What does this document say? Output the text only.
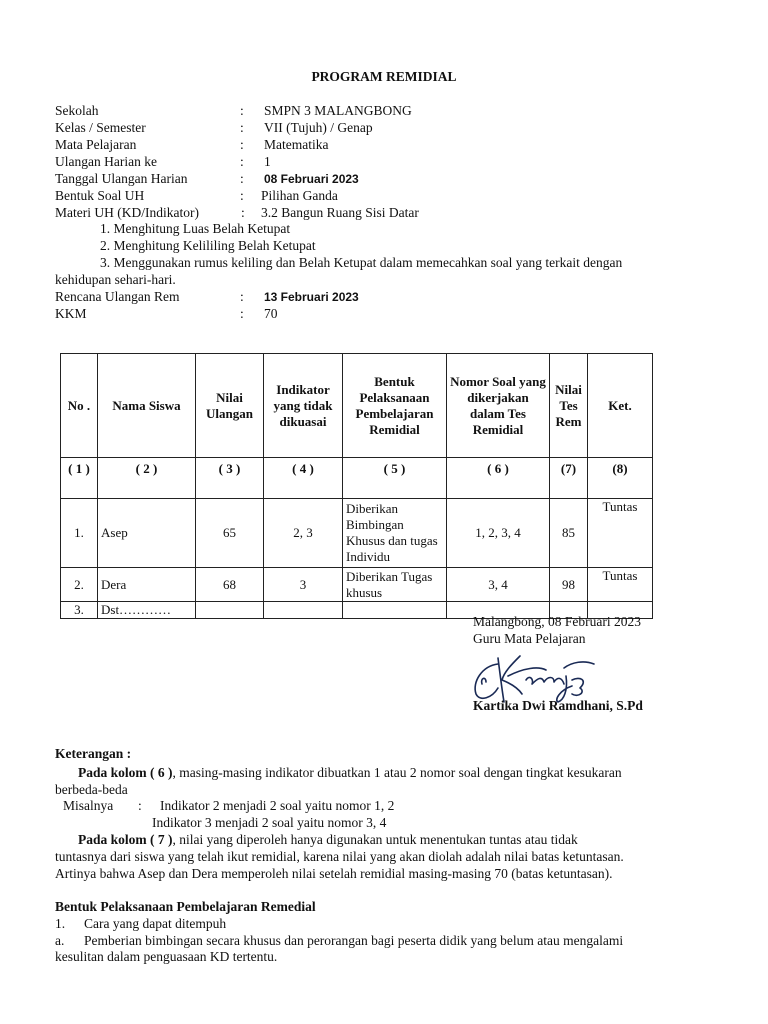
PROGRAM REMIDIAL
Sekolah	: SMPN 3 MALANGBONG
Kelas / Semester	: VII (Tujuh) / Genap
Mata Pelajaran	: Matematika
Ulangan Harian ke	: 1
Tanggal Ulangan Harian	: 08 Februari 2023
Bentuk Soal UH	: Pilihan Ganda
Materi UH (KD/Indikator)	: 3.2 Bangun Ruang Sisi Datar
1. Menghitung Luas Belah Ketupat
2. Menghitung Kelililing Belah Ketupat
3. Menggunakan rumus keliling dan Belah Ketupat dalam memecahkan soal yang terkait dengan
kehidupan sehari-hari.
Rencana Ulangan Rem	: 13 Februari 2023
KKM	: 70
No .	Nama Siswa	Nilai Ulangan	Indikator yang tidak dikuasai	Bentuk Pelaksanaan Pembelajaran Remidial	Nomor Soal yang dikerjakan dalam Tes Remidial	Nilai Tes Rem	Ket.
( 1 )	( 2 )	( 3 )	( 4 )	( 5 )	( 6 )	(7)	(8)
1.	Asep	65	2, 3	Diberikan Bimbingan Khusus dan tugas Individu	1, 2, 3, 4	85	Tuntas
2.	Dera	68	3	Diberikan Tugas khusus	3, 4	98	Tuntas
3.	Dst…………						
Malangbong, 08 Februari 2023
Guru Mata Pelajaran
Kartika Dwi Ramdhani, S.Pd
Keterangan :
Pada kolom ( 6 ), masing-masing indikator dibuatkan 1 atau 2 nomor soal dengan tingkat kesukaran
berbeda-beda
Misalnya : Indikator 2 menjadi 2 soal yaitu nomor 1, 2
Indikator 3 menjadi 2 soal yaitu nomor 3, 4
Pada kolom ( 7 ), nilai yang diperoleh hanya digunakan untuk menentukan tuntas atau tidak
tuntasnya dari siswa yang telah ikut remidial, karena nilai yang akan diolah adalah nilai batas ketuntasan.
Artinya bahwa Asep dan Dera memperoleh nilai setelah remidial masing-masing 70 (batas ketuntasan).
Bentuk Pelaksanaan Pembelajaran Remedial
1. Cara yang dapat ditempuh
a. Pemberian bimbingan secara khusus dan perorangan bagi peserta didik yang belum atau mengalami
kesulitan dalam penguasaan KD tertentu.
